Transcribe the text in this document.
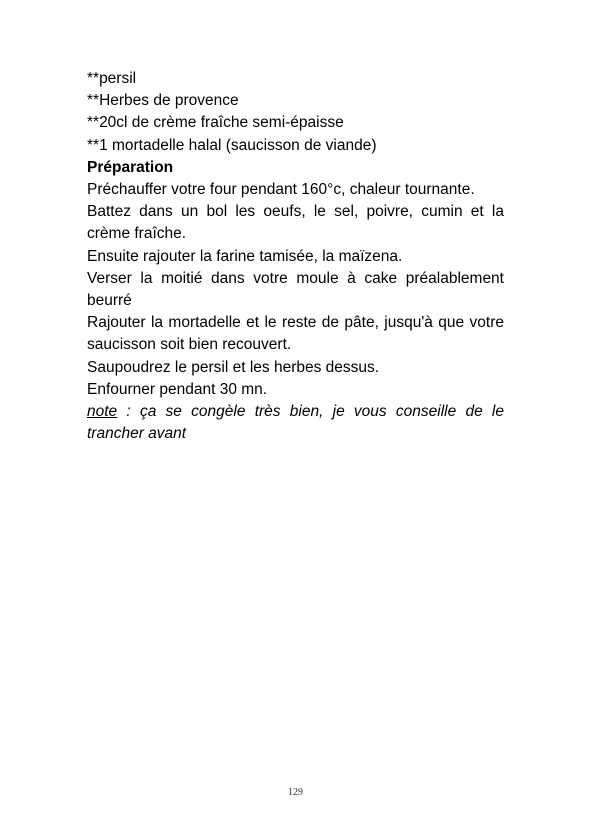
**persil
**Herbes de provence
**20cl de crème fraîche semi-épaisse
**1 mortadelle halal (saucisson de viande)
Préparation
Préchauffer votre four pendant 160°c, chaleur tournante.
Battez dans un bol les oeufs, le sel, poivre, cumin et la crème fraîche.
Ensuite rajouter la farine tamisée, la maïzena.
Verser la moitié dans votre moule à cake préalablement beurré
Rajouter la mortadelle et le reste de pâte, jusqu'à que votre saucisson soit bien recouvert.
Saupoudrez le persil et les herbes dessus.
Enfourner pendant 30 mn.
note : ça se congèle très bien, je vous conseille de le trancher avant
129
